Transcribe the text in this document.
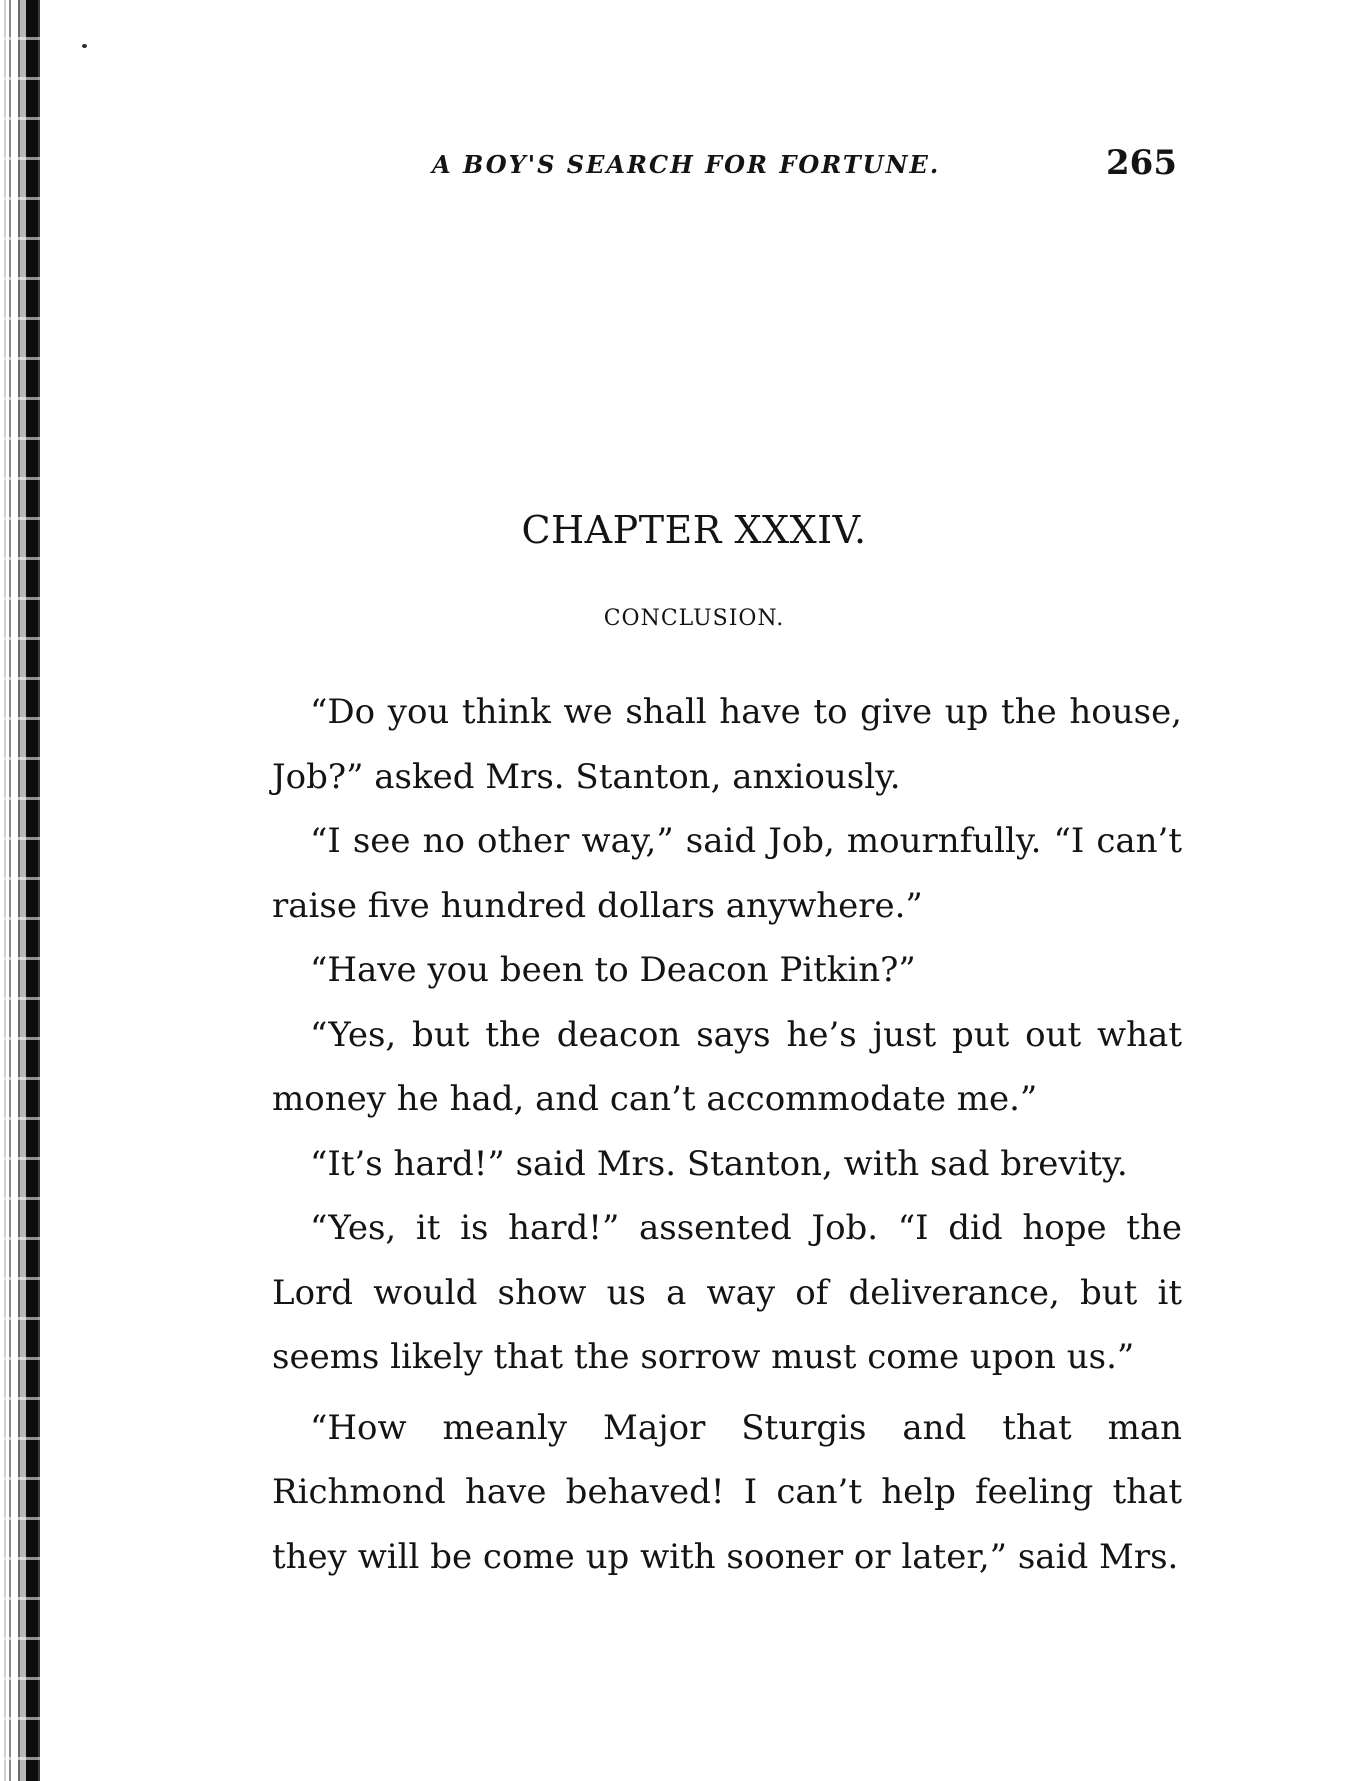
A BOY'S SEARCH FOR FORTUNE.	265
CHAPTER XXXIV.
CONCLUSION.

“Do you think we shall have to give up the house, Job?” asked Mrs. Stanton, anxiously.

“I see no other way,” said Job, mournfully. “I can’t raise five hundred dollars anywhere.”

“Have you been to Deacon Pitkin?”

“Yes, but the deacon says he’s just put out what money he had, and can’t accommodate me.”

“It’s hard!” said Mrs. Stanton, with sad brevity.

“Yes, it is hard!” assented Job. “I did hope the Lord would show us a way of deliverance, but it seems likely that the sorrow must come upon us.”

“How meanly Major Sturgis and that man Richmond have behaved! I can’t help feeling that they will be come up with sooner or later,” said Mrs.
